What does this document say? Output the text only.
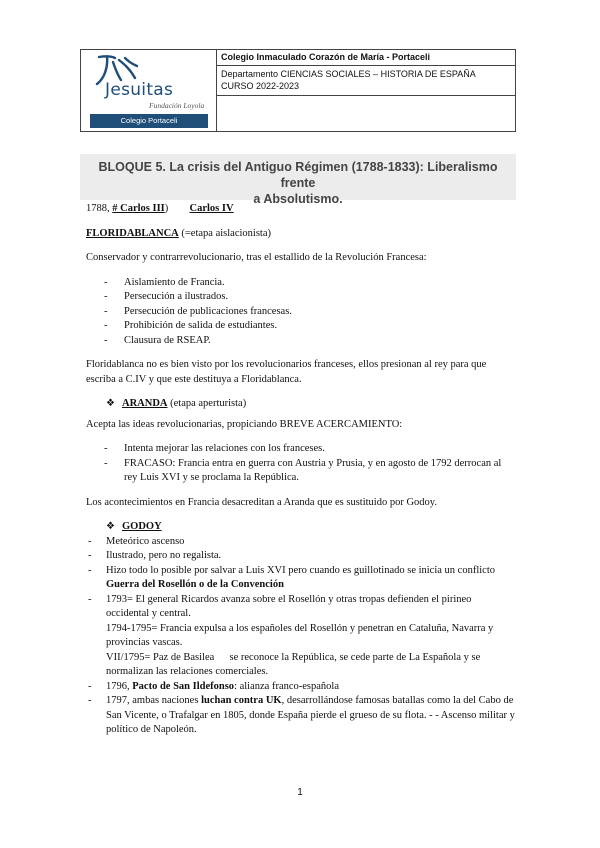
Jesuitas
Fundación Loyola
Colegio Portaceli
	Colegio Inmaculado Corazón de María - Portaceli

Departamento CIENCIAS SOCIALES – HISTORIA DE ESPAÑA
CURSO 2022-2023

BLOQUE 5. La crisis del Antiguo Régimen (1788-1833): Liberalismo frente
a Absolutismo.
1788, # Carlos III) Carlos IV
FLORIDABLANCA (=etapa aislacionista)
Conservador y contrarrevolucionario, tras el estallido de la Revolución Francesa:
- Aislamiento de Francia.
- Persecución a ilustrados.
- Persecución de publicaciones francesas.
- Prohibición de salida de estudiantes.
- Clausura de RSEAP.
Floridablanca no es bien visto por los revolucionarios franceses, ellos presionan al rey para que escriba a C.IV y que este destituya a Floridablanca.
❖ ARANDA (etapa aperturista)
Acepta las ideas revolucionarias, propiciando BREVE ACERCAMIENTO:
- Intenta mejorar las relaciones con los franceses.
- FRACASO: Francia entra en guerra con Austria y Prusia, y en agosto de 1792 derrocan al rey Luis XVI y se proclama la República.
Los acontecimientos en Francia desacreditan a Aranda que es sustituido por Godoy.
❖ GODOY
- Meteórico ascenso
- Ilustrado, pero no regalista.
- Hizo todo lo posible por salvar a Luis XVI pero cuando es guillotinado se inicia un conflicto  Guerra del Rosellón o de la Convención
- 1793= El general Ricardos avanza sobre el Rosellón y otras tropas defienden el pirineo occidental y central.
1794-1795= Francia expulsa a los españoles del Rosellón y penetran en Cataluña, Navarra y provincias vascas.
VII/1795= Paz de Basilea se reconoce la República, se cede parte de La Española y se normalizan las relaciones comerciales.
- 1796, Pacto de San Ildefonso: alianza franco-española
- 1797, ambas naciones luchan contra UK, desarrollándose famosas batallas como la del Cabo de San Vicente, o Trafalgar en 1805, donde España pierde el grueso de su flota. - - Ascenso militar y político de Napoleón.
1
